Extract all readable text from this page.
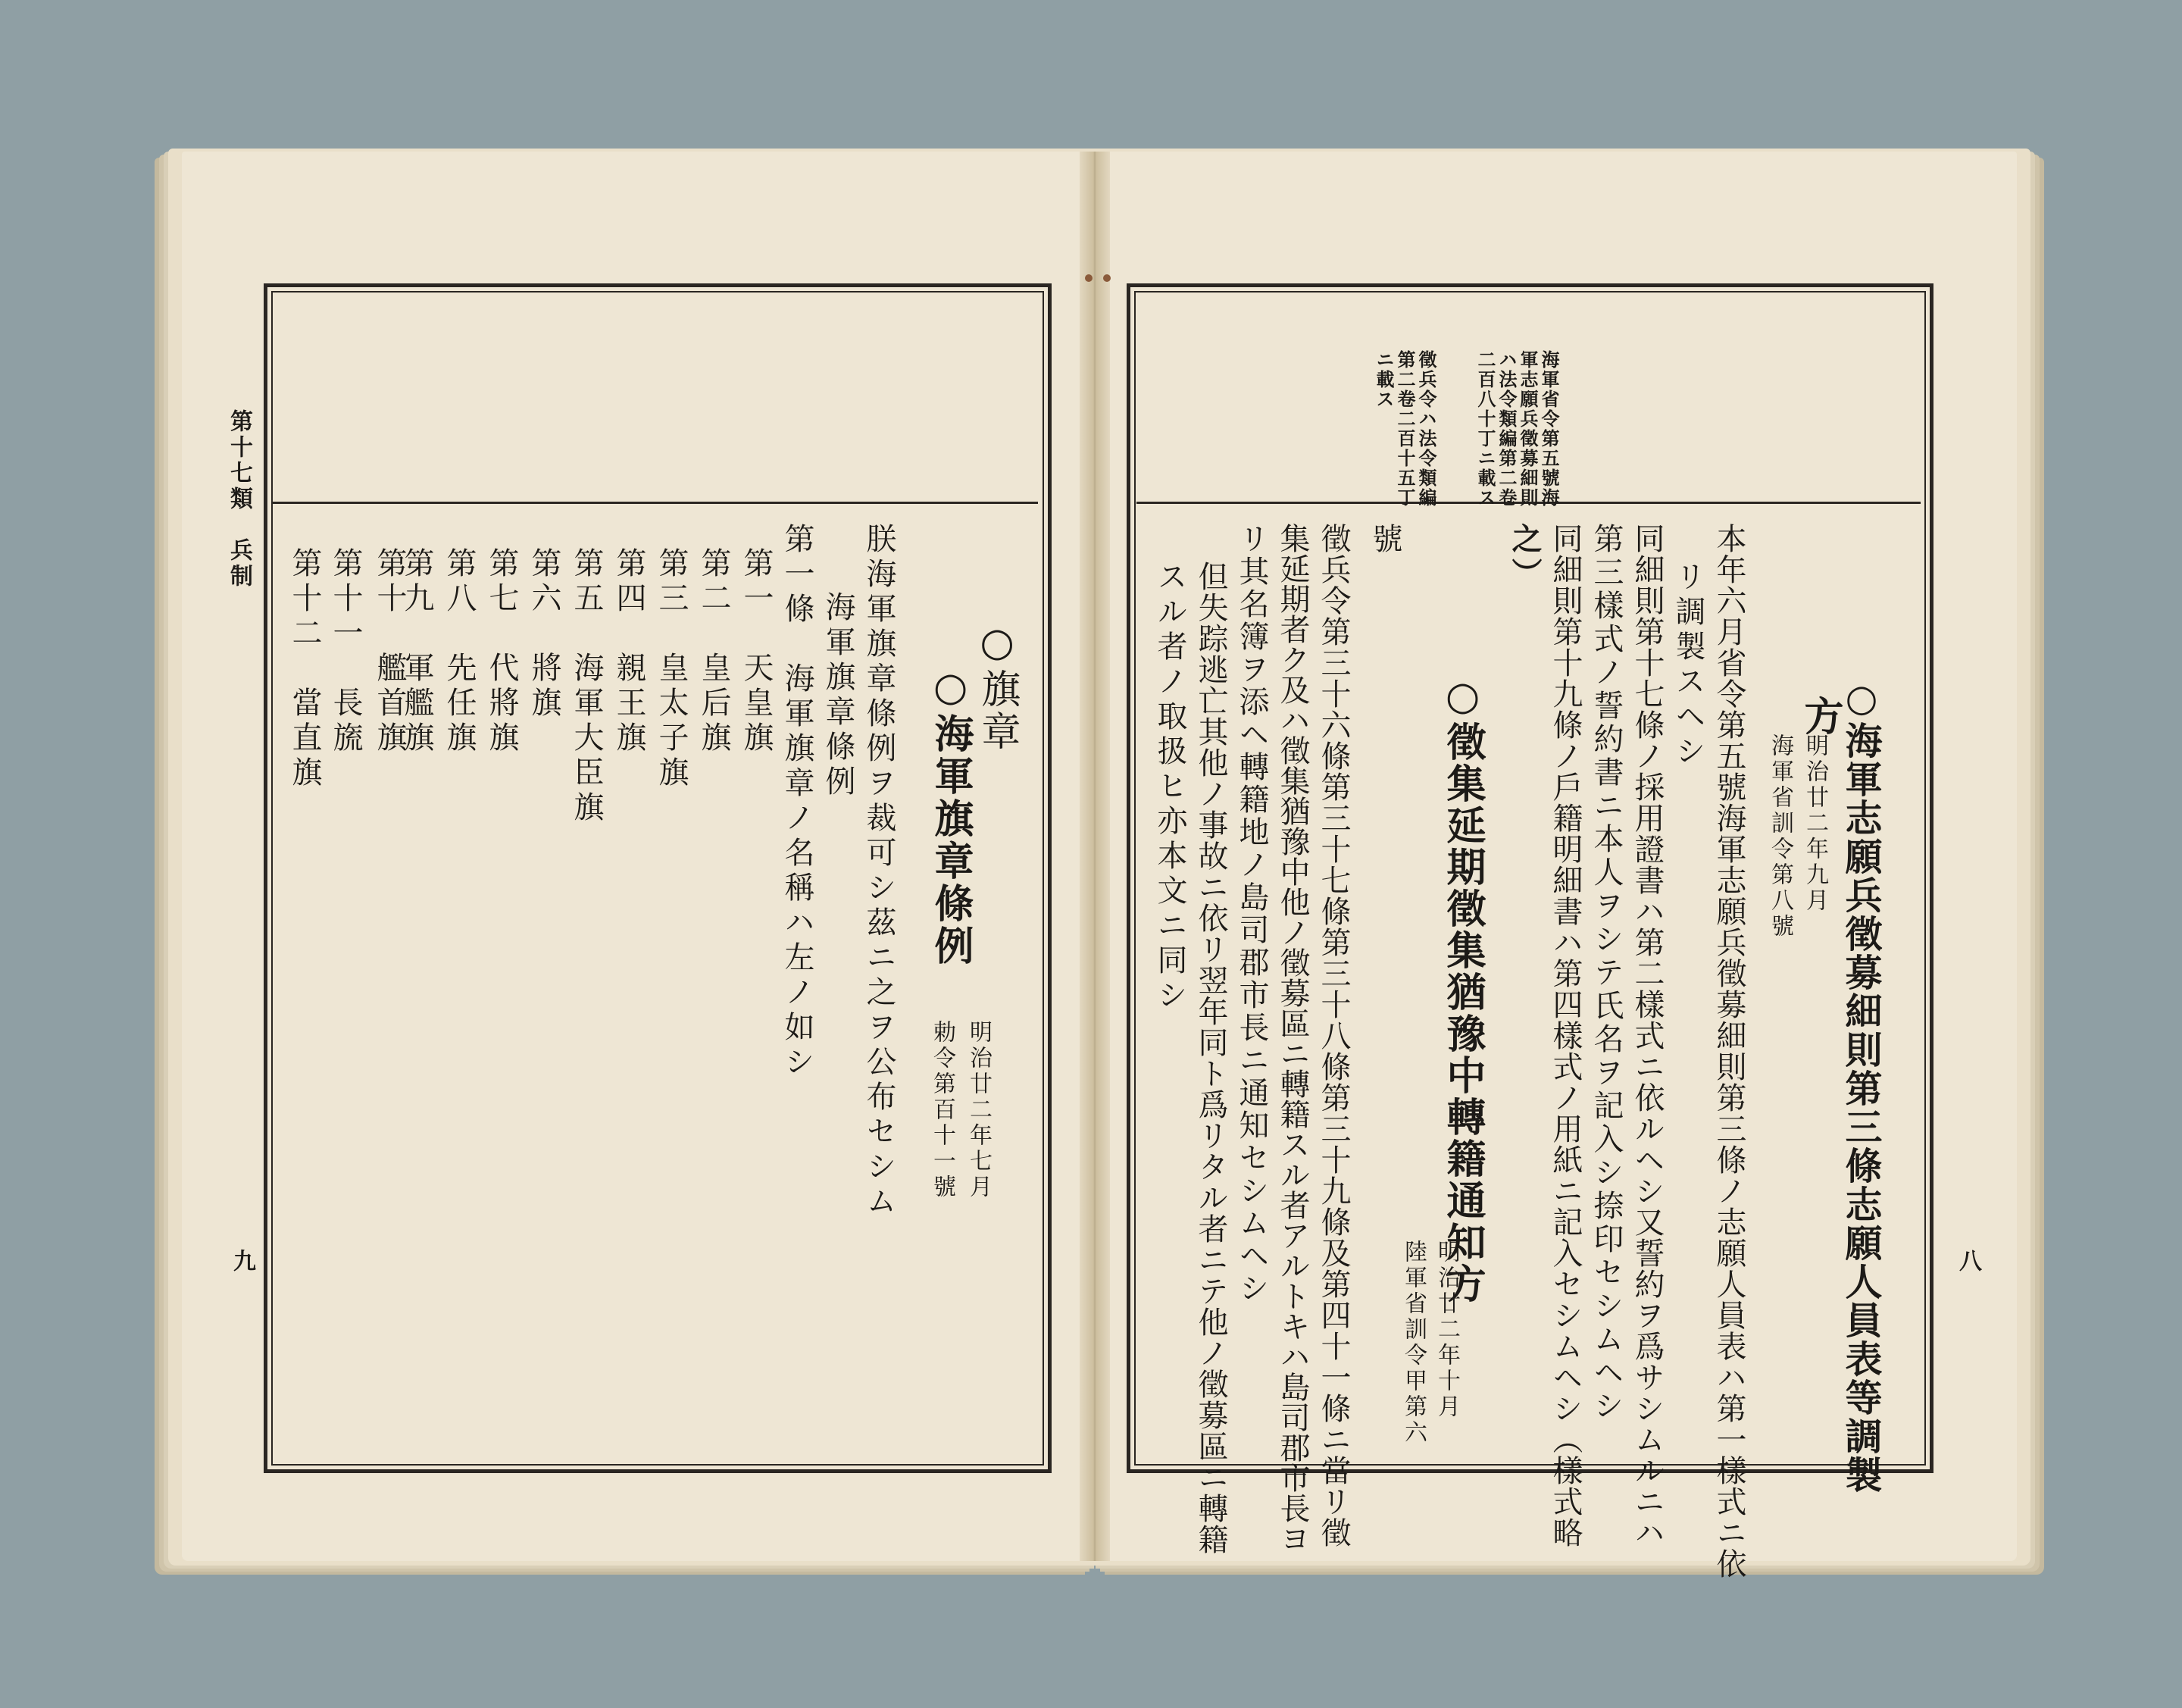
第十七類　兵制
九
○旗章
○海軍旗章條例
明治廿二年七月
勅令第百十一號
朕海軍旗章條例ヲ裁可シ茲ニ之ヲ公布セシム
海軍旗章條例
第一條　海軍旗章ノ名稱ハ左ノ如シ
第一　天皇旗
第二　皇后旗
第三　皇太子旗
第四　親王旗
第五　海軍大臣旗
第六　將旗
第七　代將旗
第八　先任旗
第九　軍艦旗
第十　艦首旗
第十一　長旒
第十二　當直旗
八
海軍省令第五號海
軍志願兵徵募細則
ハ法令類編第二卷
二百八十丁ニ載ス
徵兵令ハ法令類編
第二卷二百十五丁
ニ載ス
○海軍志願兵徵募細則第三條志願人員表等調製
方
明治廿二年九月
海軍省訓令第八號
本年六月省令第五號海軍志願兵徵募細則第三條ノ志願人員表ハ第一樣式ニ依
リ調製スヘシ
同細則第十七條ノ採用證書ハ第二樣式ニ依ルヘシ又誓約ヲ爲サシムルニハ
第三樣式ノ誓約書ニ本人ヲシテ氏名ヲ記入シ捺印セシムヘシ
同細則第十九條ノ戶籍明細書ハ第四樣式ノ用紙ニ記入セシムヘシ（樣式略
之）
○徵集延期徵集猶豫中轉籍通知方
明治廿二年十月
陸軍省訓令甲第六
號
徵兵令第三十六條第三十七條第三十八條第三十九條及第四十一條ニ當リ徵
集延期者ク及ハ徵集猶豫中他ノ徵募區ニ轉籍スル者アルトキハ島司郡市長ヨ
リ其名簿ヲ添ヘ轉籍地ノ島司郡市長ニ通知セシムヘシ
但失踪逃亡其他ノ事故ニ依リ翌年同ト爲リタル者ニテ他ノ徵募區ニ轉籍
スル者ノ取扱ヒ亦本文ニ同シ
